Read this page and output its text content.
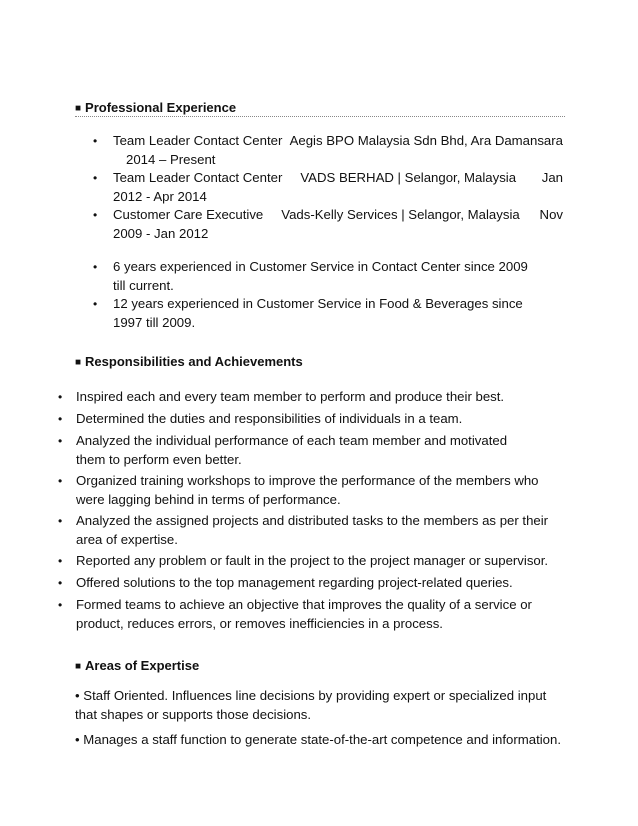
■ Professional Experience
• Team Leader Contact Center Aegis BPO Malaysia Sdn Bhd, Ara Damansara
2014 – Present
• Team Leader Contact Center VADS BERHAD | Selangor, Malaysia Jan
2012 - Apr 2014
• Customer Care Executive Vads-Kelly Services | Selangor, Malaysia Nov
2009 - Jan 2012
• 6 years experienced in Customer Service in Contact Center since 2009 till current.
• 12 years experienced in Customer Service in Food & Beverages since 1997 till 2009.
■ Responsibilities and Achievements
• Inspired each and every team member to perform and produce their best.
• Determined the duties and responsibilities of individuals in a team.
• Analyzed the individual performance of each team member and motivated them to perform even better.
• Organized training workshops to improve the performance of the members who were lagging behind in terms of performance.
• Analyzed the assigned projects and distributed tasks to the members as per their area of expertise.
• Reported any problem or fault in the project to the project manager or supervisor.
• Offered solutions to the top management regarding project-related queries.
• Formed teams to achieve an objective that improves the quality of a service or product, reduces errors, or removes inefficiencies in a process.
■ Areas of Expertise
• Staff Oriented. Influences line decisions by providing expert or specialized input that shapes or supports those decisions.
• Manages a staff function to generate state-of-the-art competence and information.
